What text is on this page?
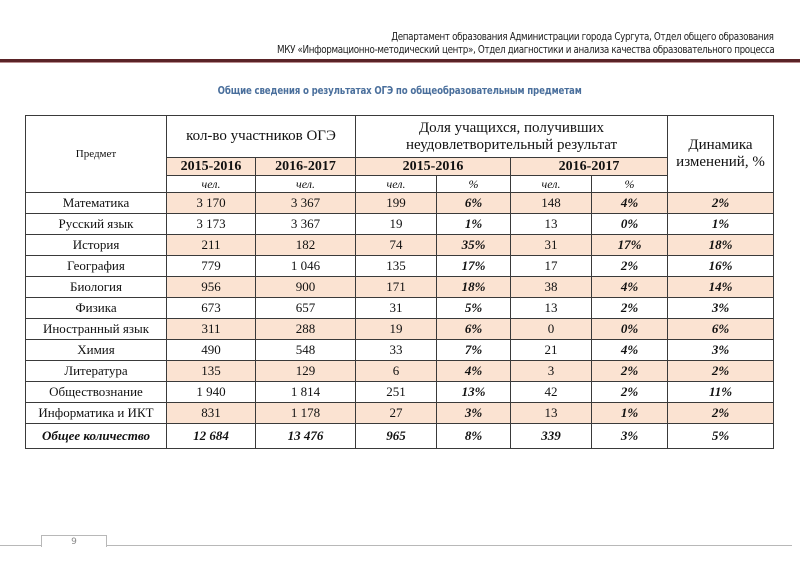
Департамент образования Администрации города Сургута, Отдел общего образования
МКУ «Информационно-методический центр», Отдел диагностики и анализа качества образовательного процесса
Общие сведения о результатах ОГЭ по общеобразовательным предметам
Предмет	кол-во участников ОГЭ		Доля учащихся, получивших неудовлетворительный результат				Динамика изменений, %
	2015-2016	2016-2017	2015-2016		2016-2017		
	чел.	чел.	чел.	%	чел.	%	
Математика	3 170	3 367	199	6%	148	4%	2%
Русский язык	3 173	3 367	19	1%	13	0%	1%
История	211	182	74	35%	31	17%	18%
География	779	1 046	135	17%	17	2%	16%
Биология	956	900	171	18%	38	4%	14%
Физика	673	657	31	5%	13	2%	3%
Иностранный язык	311	288	19	6%	0	0%	6%
Химия	490	548	33	7%	21	4%	3%
Литература	135	129	6	4%	3	2%	2%
Обществознание	1 940	1 814	251	13%	42	2%	11%
Информатика и ИКТ	831	1 178	27	3%	13	1%	2%
Общее количество	12 684	13 476	965	8%	339	3%	5%
9
